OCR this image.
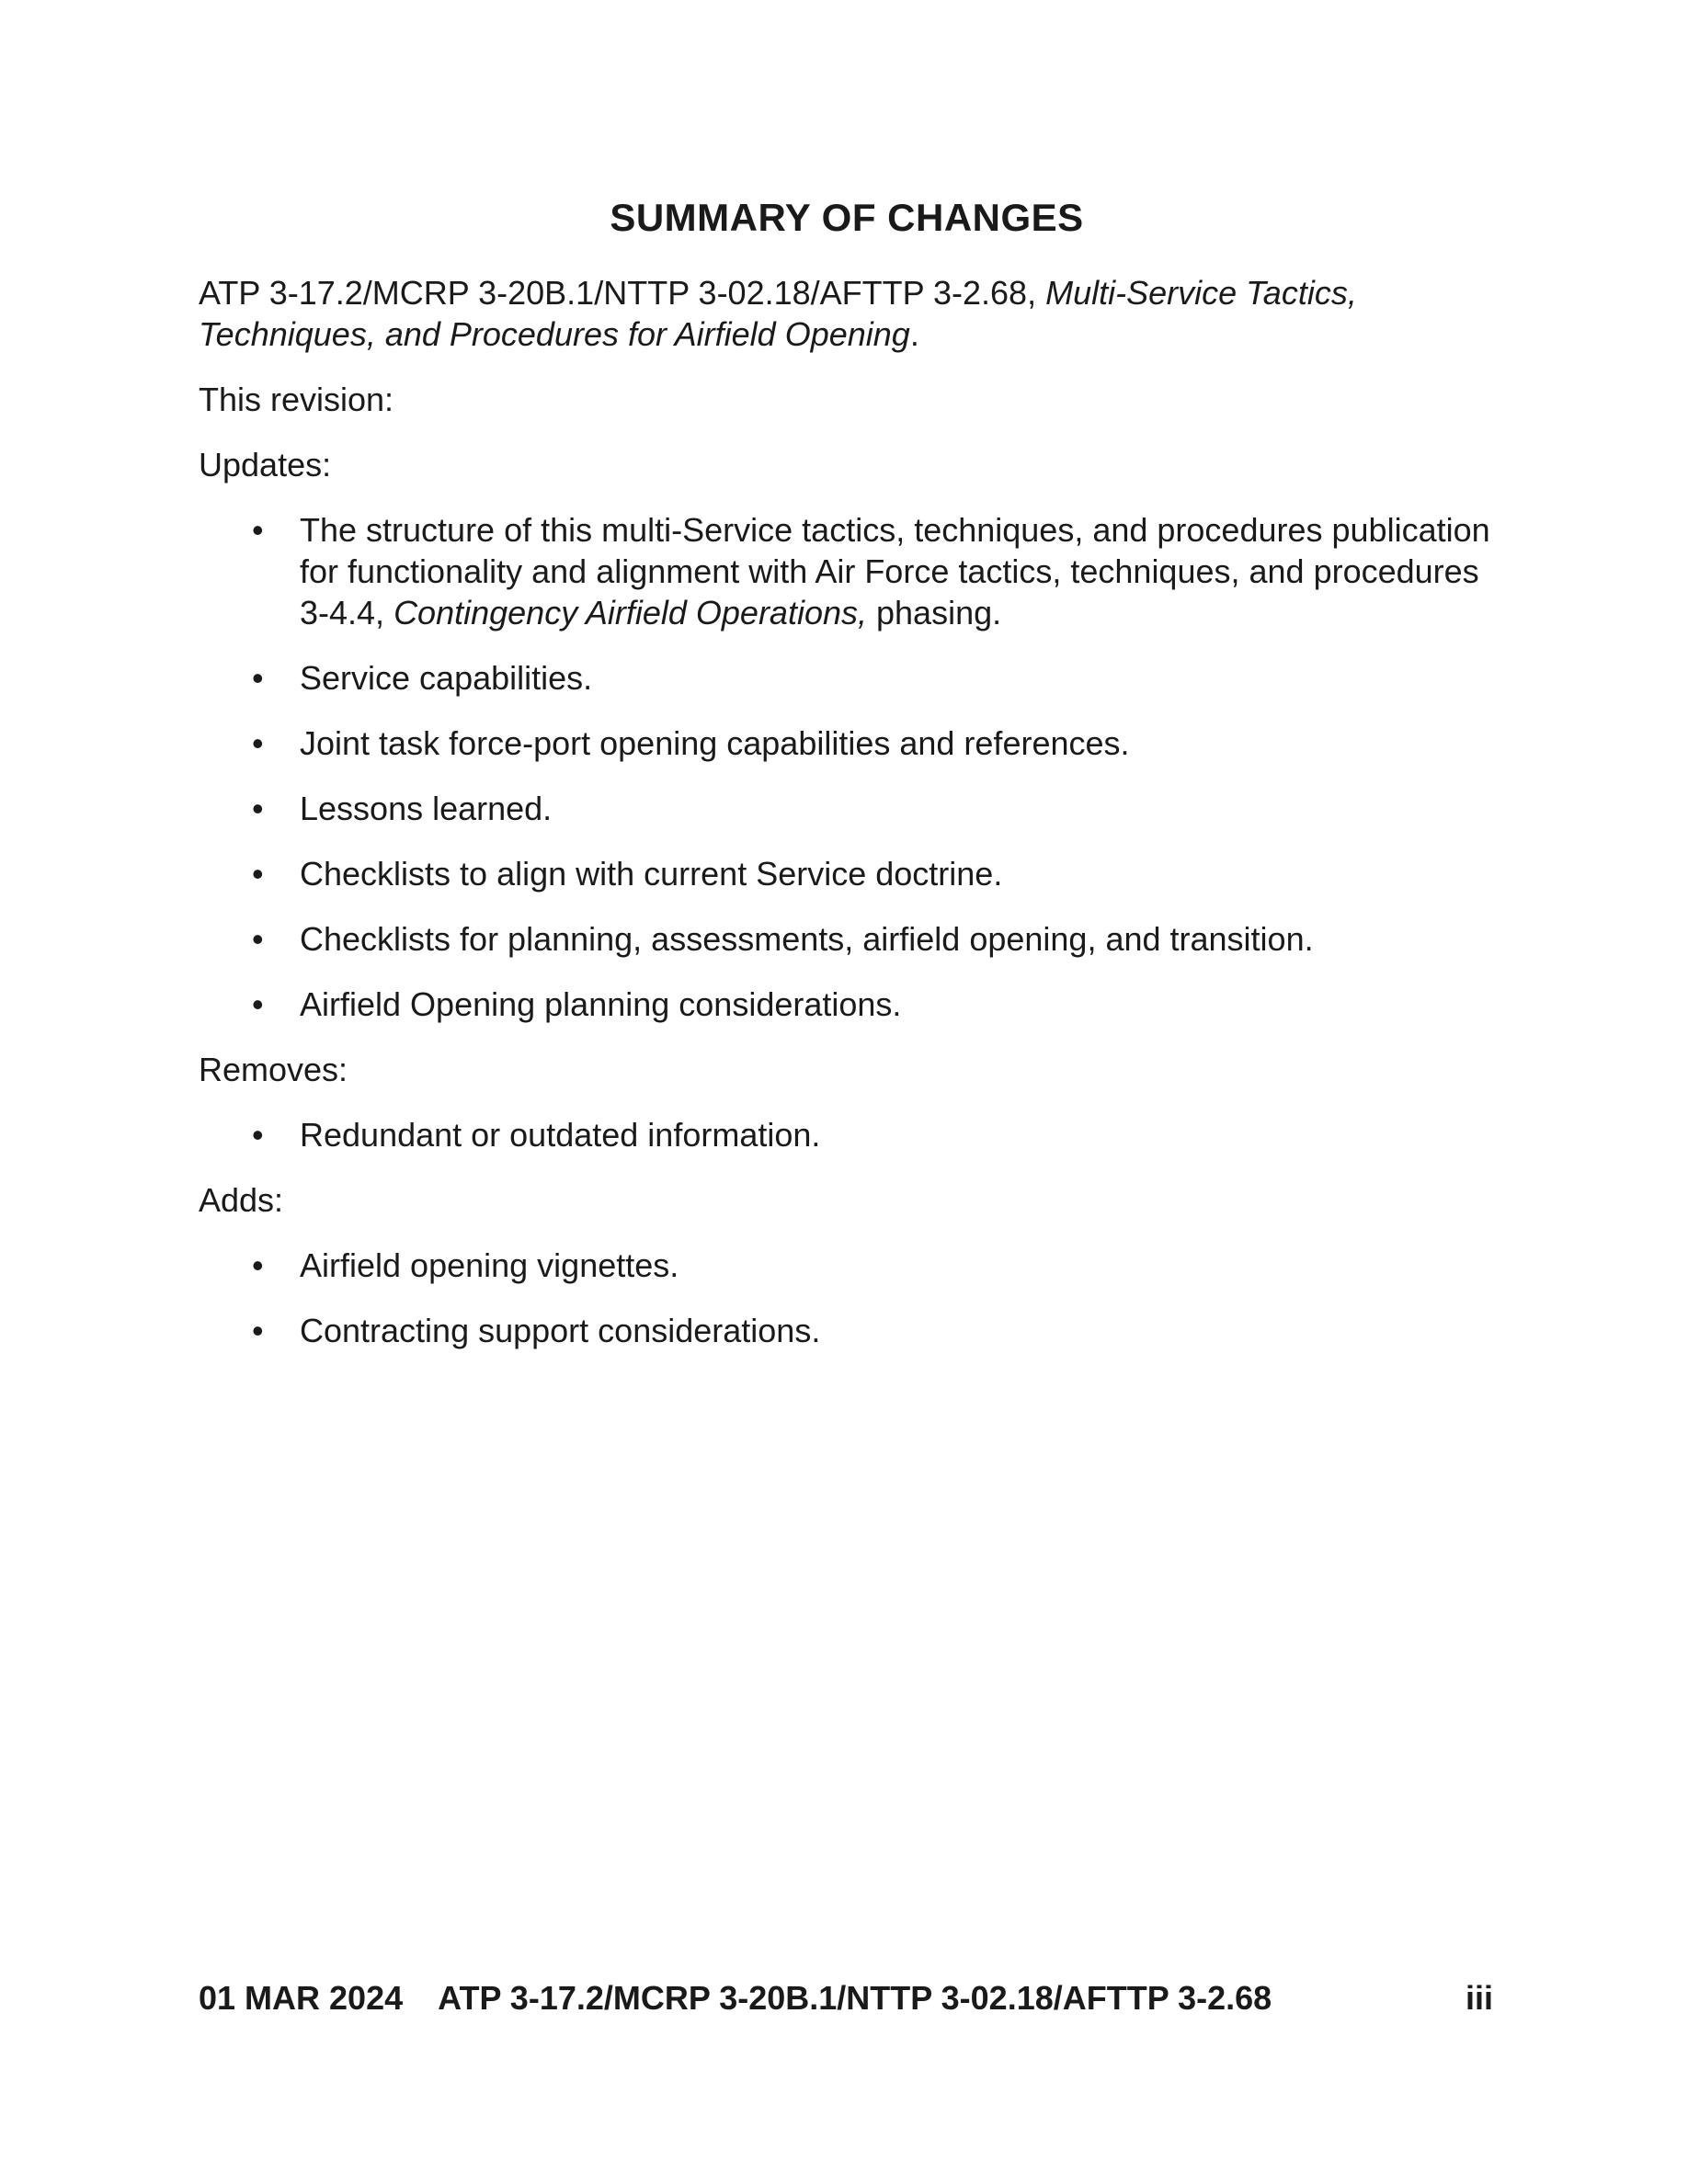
SUMMARY OF CHANGES

ATP 3-17.2/MCRP 3-20B.1/NTTP 3-02.18/AFTTP 3-2.68, Multi-Service Tactics, Techniques, and Procedures for Airfield Opening.

This revision:

Updates:

The structure of this multi-Service tactics, techniques, and procedures publication for functionality and alignment with Air Force tactics, techniques, and procedures 3-4.4, Contingency Airfield Operations, phasing.
Service capabilities.
Joint task force-port opening capabilities and references.
Lessons learned.
Checklists to align with current Service doctrine.
Checklists for planning, assessments, airfield opening, and transition.
Airfield Opening planning considerations.

Removes:

Redundant or outdated information.

Adds:

Airfield opening vignettes.
Contracting support considerations.
01 MAR 2024 ATP 3-17.2/MCRP 3-20B.1/NTTP 3-02.18/AFTTP 3-2.68	iii
